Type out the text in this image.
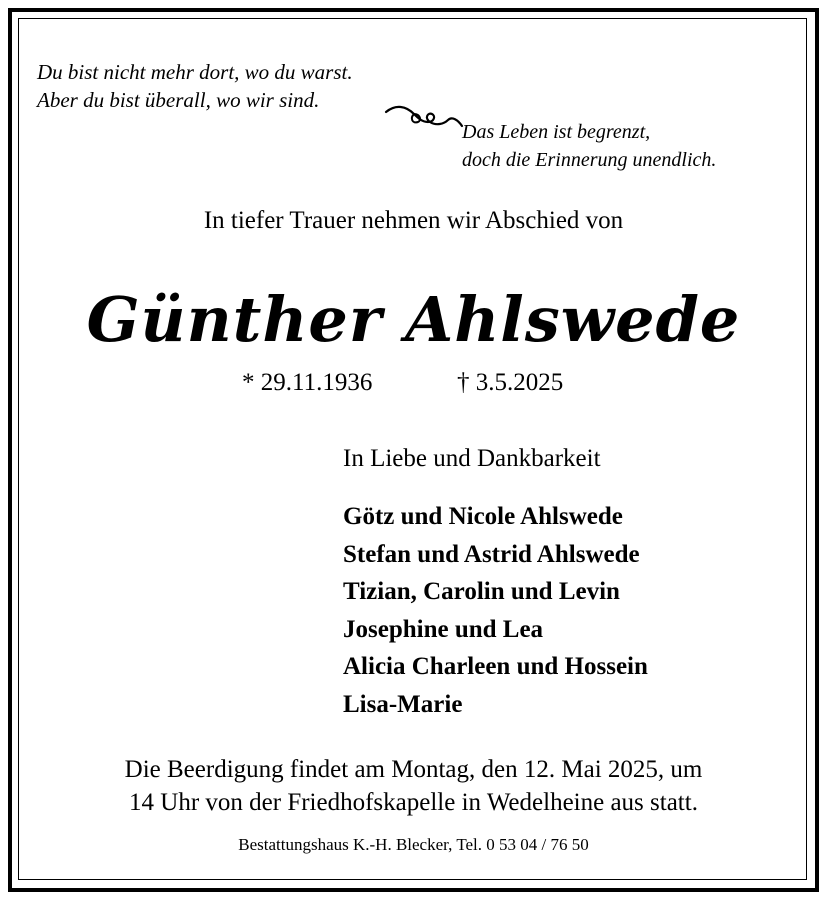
Du bist nicht mehr dort, wo du warst.
Aber du bist überall, wo wir sind.
Das Leben ist begrenzt,
doch die Erinnerung unendlich.
In tiefer Trauer nehmen wir Abschied von
Günther Ahlswede
* 29.11.1936	† 3.5.2025
In Liebe und Dankbarkeit
Götz und Nicole Ahlswede
Stefan und Astrid Ahlswede
Tizian, Carolin und Levin
Josephine und Lea
Alicia Charleen und Hossein
Lisa-Marie
Die Beerdigung findet am Montag, den 12. Mai 2025, um
14 Uhr von der Friedhofskapelle in Wedelheine aus statt.
Bestattungshaus K.-H. Blecker, Tel. 0 53 04 / 76 50
